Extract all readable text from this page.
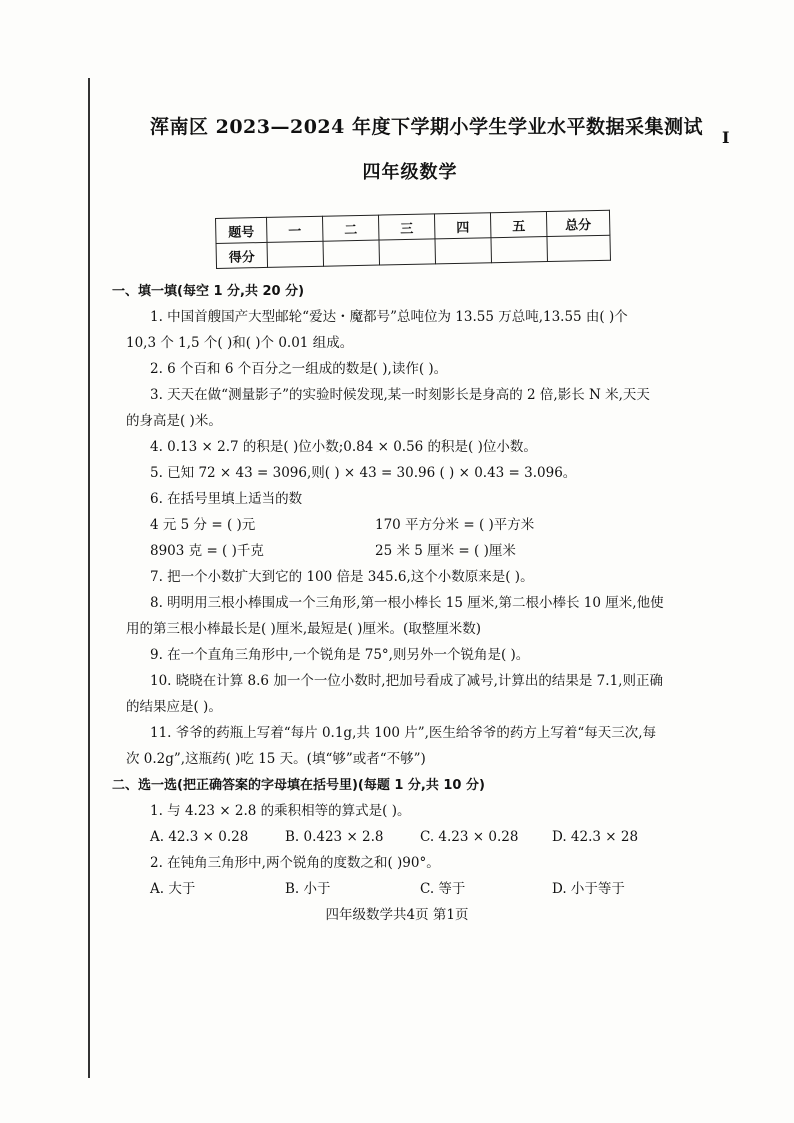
I
浑南区 2023—2024 年度下学期小学生学业水平数据采集测试
四年级数学
题号	一	二	三	四	五	总分
得分						
一、填一填(每空 1 分,共 20 分)
1. 中国首艘国产大型邮轮“爱达・魔都号”总吨位为 13.55 万总吨,13.55 由( )个
10,3 个 1,5 个( )和( )个 0.01 组成。
2. 6 个百和 6 个百分之一组成的数是( ),读作( )。
3. 天天在做“测量影子”的实验时候发现,某一时刻影长是身高的 2 倍,影长 N 米,天天
的身高是( )米。
4. 0.13 × 2.7 的积是( )位小数;0.84 × 0.56 的积是( )位小数。
5. 已知 72 × 43 = 3096,则( ) × 43 = 30.96 ( ) × 0.43 = 3.096。
6. 在括号里填上适当的数
4 元 5 分 = ( )元	170 平方分米 = ( )平方米
8903 克 = ( )千克	25 米 5 厘米 = ( )厘米
7. 把一个小数扩大到它的 100 倍是 345.6,这个小数原来是( )。
8. 明明用三根小棒围成一个三角形,第一根小棒长 15 厘米,第二根小棒长 10 厘米,他使
用的第三根小棒最长是( )厘米,最短是( )厘米。(取整厘米数)
9. 在一个直角三角形中,一个锐角是 75°,则另外一个锐角是( )。
10. 晓晓在计算 8.6 加一个一位小数时,把加号看成了减号,计算出的结果是 7.1,则正确
的结果应是( )。
11. 爷爷的药瓶上写着“每片 0.1g,共 100 片”,医生给爷爷的药方上写着“每天三次,每
次 0.2g”,这瓶药( )吃 15 天。(填“够”或者“不够”)
二、选一选(把正确答案的字母填在括号里)(每题 1 分,共 10 分)
1. 与 4.23 × 2.8 的乘积相等的算式是( )。
A. 42.3 × 0.28	B. 0.423 × 2.8	C. 4.23 × 0.28 D. 42.3 × 28
2. 在钝角三角形中,两个锐角的度数之和( )90°。
A. 大于	B. 小于	C. 等于	D. 小于等于
四年级数学共4页 第1页
